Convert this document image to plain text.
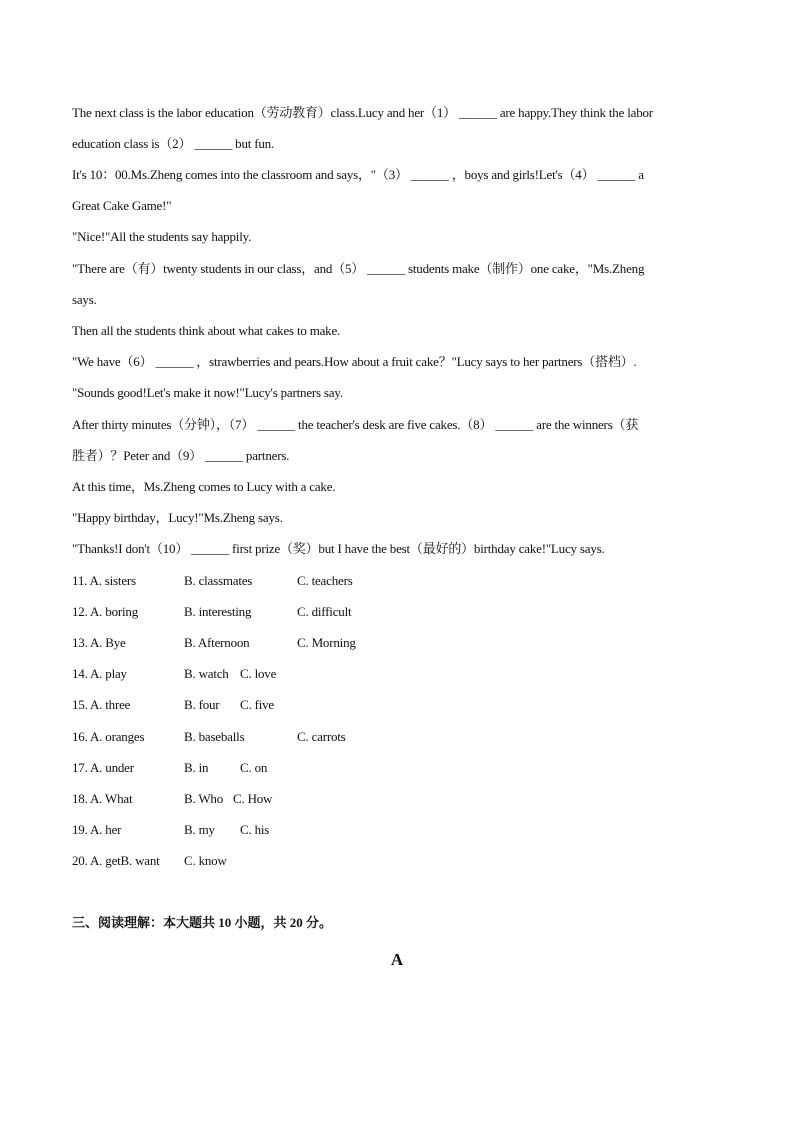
The next class is the labor education（劳动教育）class.Lucy and her（1） ______ are happy.They think the labor
education class is（2） ______ but fun.
It's 10：00.Ms.Zheng comes into the classroom and says，"（3） ______ ，boys and girls!Let's（4） ______ a
Great Cake Game!"
"Nice!"All the students say happily.
"There are（有）twenty students in our class，and（5） ______ students make（制作）one cake，"Ms.Zheng
says.
Then all the students think about what cakes to make.
"We have（6） ______ ，strawberries and pears.How about a fruit cake？"Lucy says to her partners（搭档）.
"Sounds good!Let's make it now!"Lucy's partners say.
After thirty minutes（分钟），（7） ______ the teacher's desk are five cakes.（8） ______ are the winners（获
胜者）？Peter and（9） ______ partners.
At this time，Ms.Zheng comes to Lucy with a cake.
"Happy birthday，Lucy!"Ms.Zheng says.
"Thanks!I don't（10） ______ first prize（奖）but I have the best（最好的）birthday cake!"Lucy says.
11. A. sisters	B. classmates	C. teachers
12. A. boring	B. interesting	C. difficult
13. A. Bye	B. Afternoon	C. Morning
14. A. play	B. watch C. love
15. A. three	B. four C. five
16. A. oranges	B. baseballs	C. carrots
17. A. under	B. in C. on
18. A. What	B. Who C. How
19. A. her	B. my C. his
20. A. getB. want C. know
三、阅读理解：本大题共 10 小题，共 20 分。
A
